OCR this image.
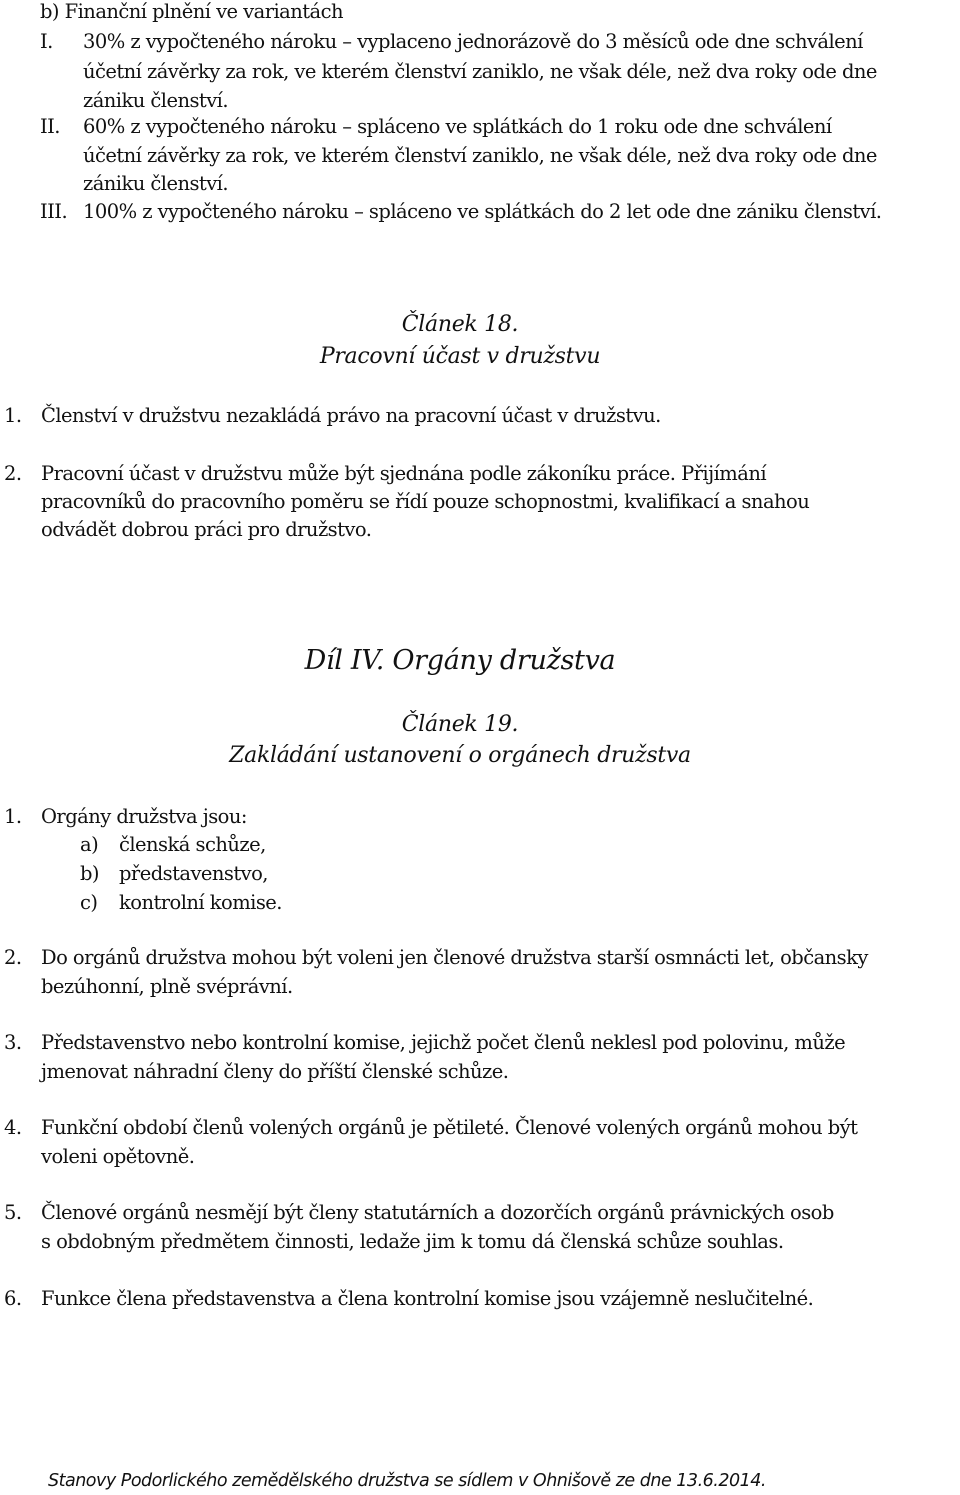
b) Finanční plnění ve variantách
I. 30% z vypočteného nároku – vyplaceno jednorázově do 3 měsíců ode dne schválení
účetní závěrky za rok, ve kterém členství zaniklo, ne však déle, než dva roky ode dne
zániku členství.
II. 60% z vypočteného nároku – spláceno ve splátkách do 1 roku ode dne schválení
účetní závěrky za rok, ve kterém členství zaniklo, ne však déle, než dva roky ode dne
zániku členství.
III. 100% z vypočteného nároku – spláceno ve splátkách do 2 let ode dne zániku členství.
Článek 18.
Pracovní účast v družstvu
1. Členství v družstvu nezakládá právo na pracovní účast v družstvu.
2. Pracovní účast v družstvu může být sjednána podle zákoníku práce. Přijímání
pracovníků do pracovního poměru se řídí pouze schopnostmi, kvalifikací a snahou
odvádět dobrou práci pro družstvo.
Díl IV. Orgány družstva
Článek 19.
Zakládání ustanovení o orgánech družstva
1. Orgány družstva jsou:
a) členská schůze,
b) představenstvo,
c) kontrolní komise.
2. Do orgánů družstva mohou být voleni jen členové družstva starší osmnácti let, občansky
bezúhonní, plně svéprávní.
3. Představenstvo nebo kontrolní komise, jejichž počet členů neklesl pod polovinu, může
jmenovat náhradní členy do příští členské schůze.
4. Funkční období členů volených orgánů je pětileté. Členové volených orgánů mohou být
voleni opětovně.
5. Členové orgánů nesmějí být členy statutárních a dozorčích orgánů právnických osob
s obdobným předmětem činnosti, ledaže jim k tomu dá členská schůze souhlas.
6. Funkce člena představenstva a člena kontrolní komise jsou vzájemně neslučitelné.
Stanovy Podorlického zemědělského družstva se sídlem v Ohnišově ze dne 13.6.2014.
